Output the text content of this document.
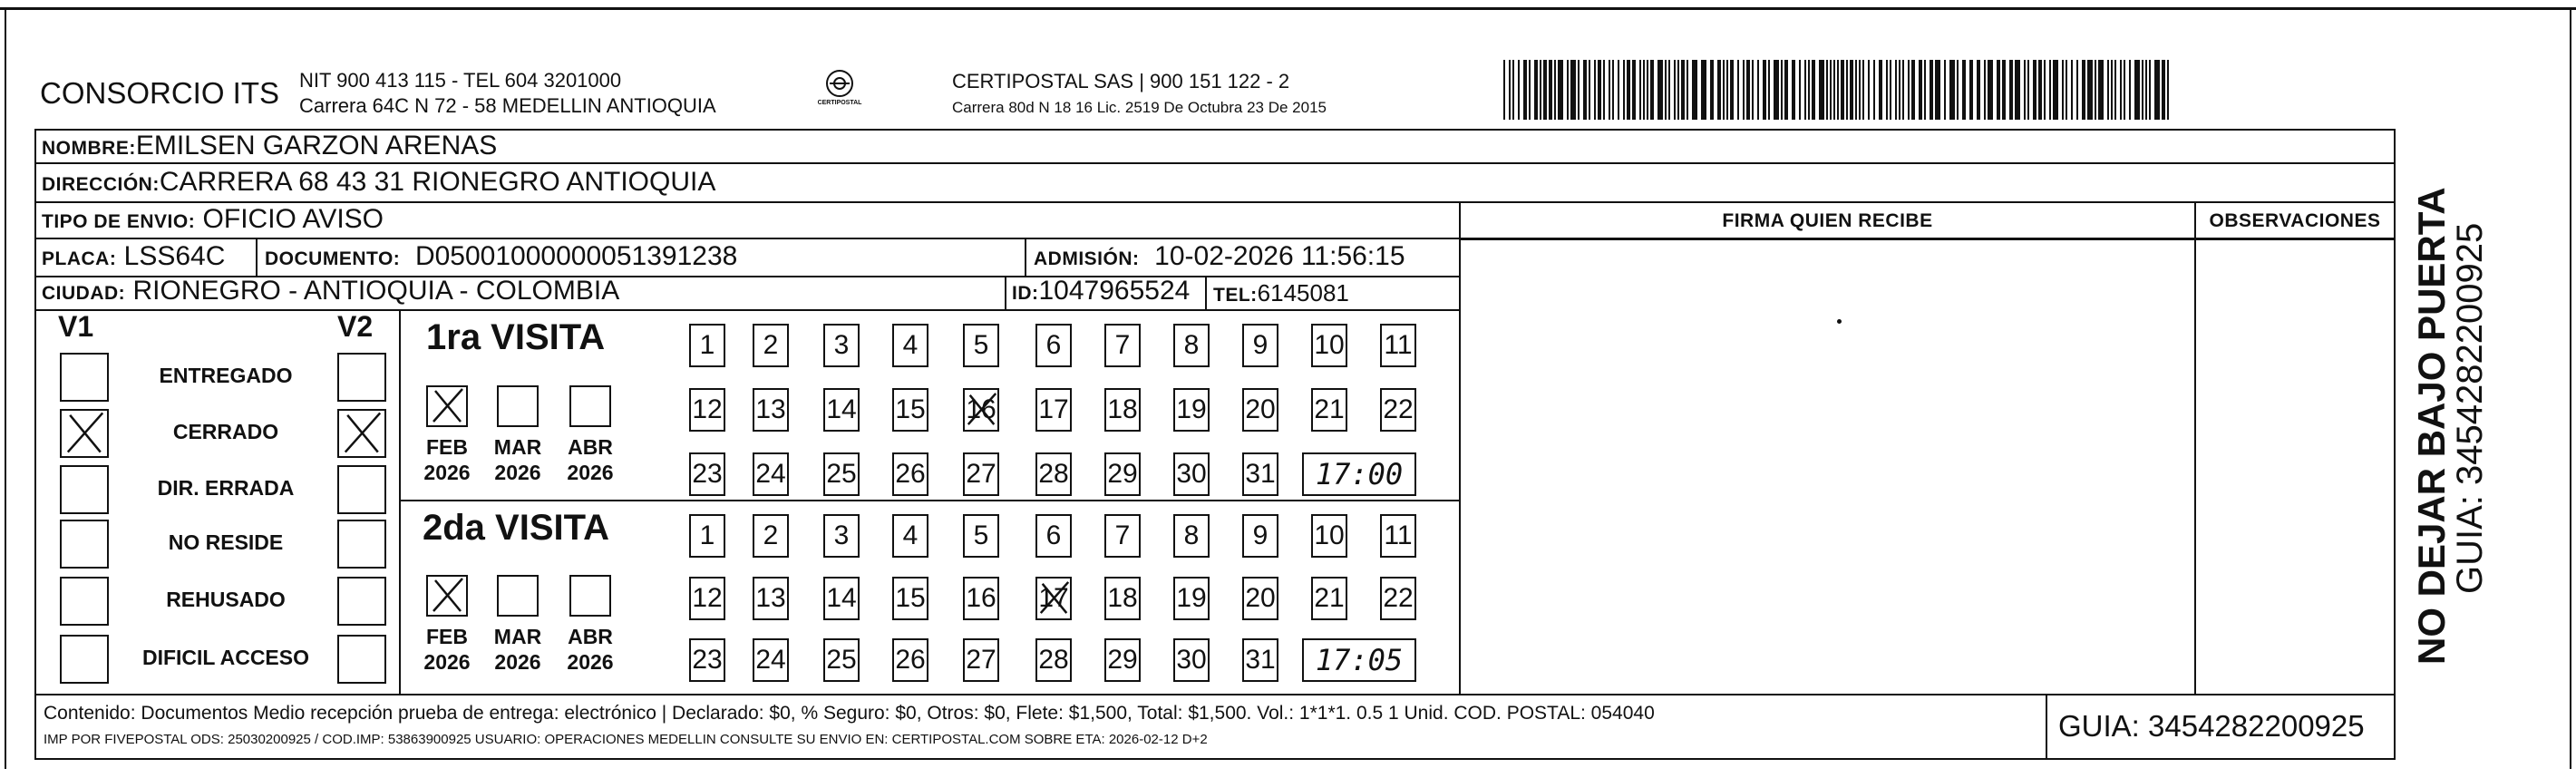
CONSORCIO ITS NIT 900 413 115 - TEL 604 3201000
Carrera 64C N 72 - 58 MEDELLIN ANTIOQUIA	CERTIPOSTAL
CERTIPOSTAL SAS | 900 151 122 - 2
Carrera 80d N 18 16 Lic. 2519 De Octubra 23 De 2015
NOMBRE:EMILSEN GARZON ARENAS
DIRECCIÓN:CARRERA 68 43 31 RIONEGRO ANTIOQUIA
TIPO DE ENVIO: OFICIO AVISO
PLACA: LSS64C DOCUMENTO: D05001000000051391238	ADMISIÓN: 10-02-2026 11:56:15
CIUDAD: RIONEGRO - ANTIOQUIA - COLOMBIA	ID:1047965524 TEL:6145081
FIRMA QUIEN RECIBE	OBSERVACIONES
V1	V2
ENTREGADO
CERRADO
DIR. ERRADA
NO RESIDE
REHUSADO
DIFICIL ACCESO
1ra VISITA
2da VISITA
FEB
2026
MAR
2026
ABR
2026
FEB
2026
MAR
2026
ABR
2026
1	2	3	4	5	6	7	8	9	10 11
12 13 14 15 16 17 18 19 20 21 22
23 24 25 26 27 28 29 30 31	17:00
1	2	3	4	5	6	7	8	9	10 11
12 13 14 15 16 17 18 19 20 21 22
23 24 25 26 27 28 29 30 31	17:05
Contenido: Documentos Medio recepción prueba de entrega: electrónico | Declarado: $0, % Seguro: $0, Otros: $0, Flete: $1,500, Total: $1,500. Vol.: 1*1*1. 0.5 1 Unid. COD. POSTAL: 054040
IMP POR FIVEPOSTAL ODS: 25030200925 / COD.IMP: 53863900925 USUARIO: OPERACIONES MEDELLIN CONSULTE SU ENVIO EN: CERTIPOSTAL.COM SOBRE ETA: 2026-02-12 D+2	GUIA: 3454282200925
NO DEJAR BAJO PUERTA
GUIA: 3454282200925
